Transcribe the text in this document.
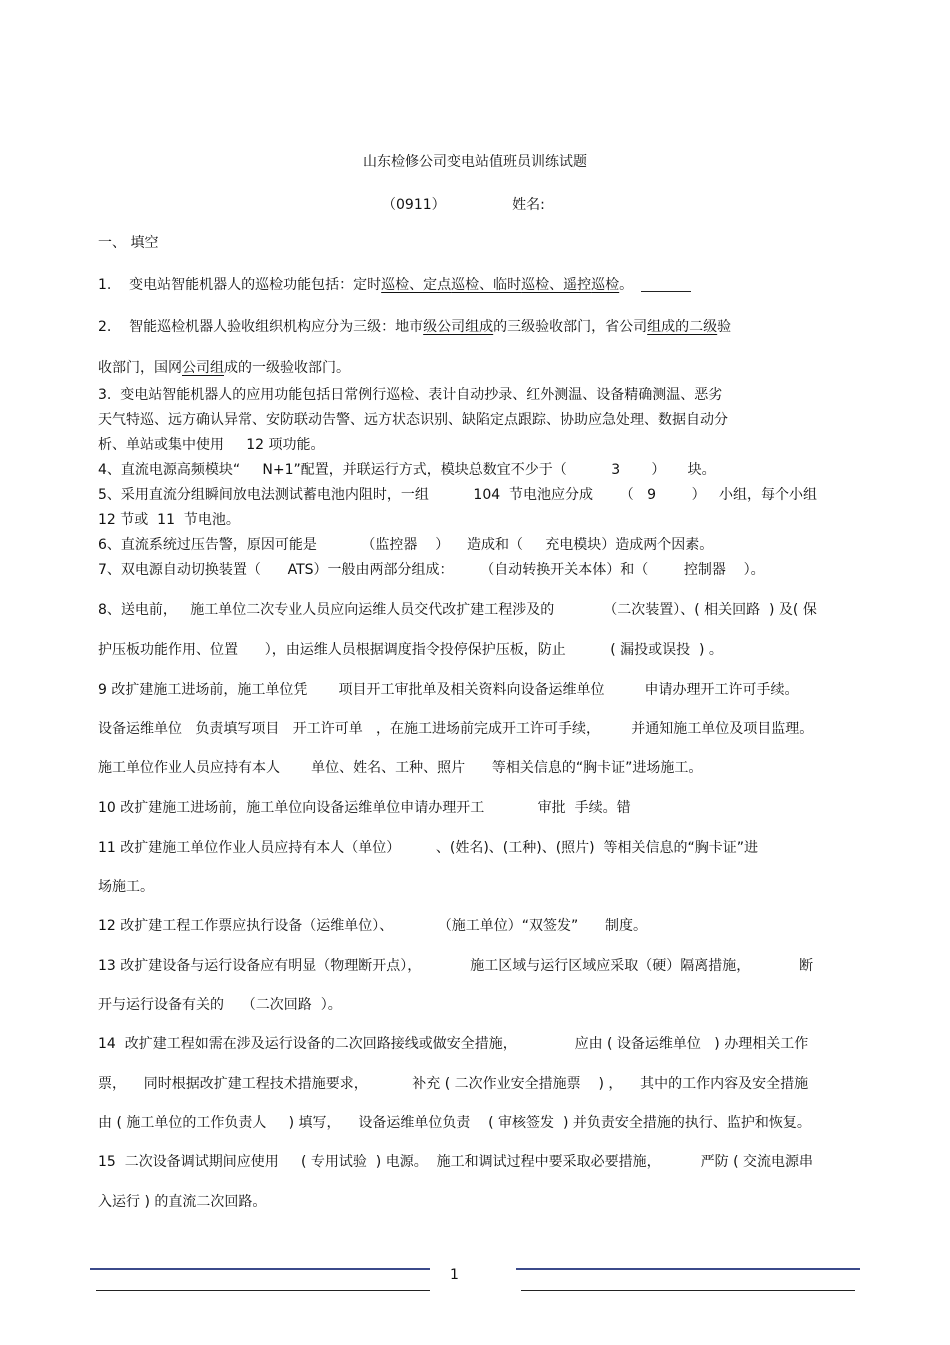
山东检修公司变电站值班员训练试题
（0911）	姓名:
一、 填空
1.    变电站智能机器人的巡检功能包括：定时巡检、定点巡检、临时巡检、遥控巡检。
2.    智能巡检机器人验收组织机构应分为三级：地市级公司组成的三级验收部门，省公司组成的二级验
收部门，国网公司组成的一级验收部门。
3.  变电站智能机器人的应用功能包括日常例行巡检、表计自动抄录、红外测温、设备精确测温、恶劣
天气特巡、远方确认异常、安防联动告警、远方状态识别、缺陷定点跟踪、协助应急处理、数据自动分
析、单站或集中使用     12 项功能。
4、直流电源高频模块“     N+1”配置，并联运行方式，模块总数宜不少于（          3       ）     块。
5、采用直流分组瞬间放电法测试蓄电池内阻时，一组          104  节电池应分成      （   9        ）   小组，每个小组
12 节或  11  节电池。
6、直流系统过压告警，原因可能是          （监控器    ）    造成和（     充电模块）造成两个因素。
7、双电源自动切换装置（      ATS）一般由两部分组成：      （自动转换开关本体）和（        控制器    ）。
8、送电前，   施工单位二次专业人员应向运维人员交代改扩建工程涉及的           （二次装置）、( 相关回路  ) 及( 保
护压板功能作用、位置      ），由运维人员根据调度指令投停保护压板，防止          ( 漏投或误投  ) 。
9 改扩建施工进场前，施工单位凭       项目开工审批单及相关资料向设备运维单位         申请办理开工许可手续。
设备运维单位   负责填写项目   开工许可单   ，在施工进场前完成开工许可手续，       并通知施工单位及项目监理。
施工单位作业人员应持有本人       单位、姓名、工种、照片      等相关信息的“胸卡证”进场施工。
10 改扩建施工进场前，施工单位向设备运维单位申请办理开工            审批  手续。错
11 改扩建施工单位作业人员应持有本人（单位）        、(姓名)、(工种)、(照片)  等相关信息的“胸卡证”进
场施工。
12 改扩建工程工作票应执行设备（运维单位）、          （施工单位）“双签发”      制度。
13 改扩建设备与运行设备应有明显（物理断开点），           施工区域与运行区域应采取（硬）隔离措施，           断
开与运行设备有关的    （二次回路  ）。
14  改扩建工程如需在涉及运行设备的二次回路接线或做安全措施，             应由 ( 设备运维单位   ) 办理相关工作
票，    同时根据改扩建工程技术措施要求，          补充 ( 二次作业安全措施票    ) ，    其中的工作内容及安全措施
由 ( 施工单位的工作负责人     ) 填写，    设备运维单位负责    ( 审核签发  ) 并负责安全措施的执行、监护和恢复。
15  二次设备调试期间应使用     ( 专用试验  ) 电源。  施工和调试过程中要采取必要措施，         严防 ( 交流电源串
入运行 ) 的直流二次回路。
1
